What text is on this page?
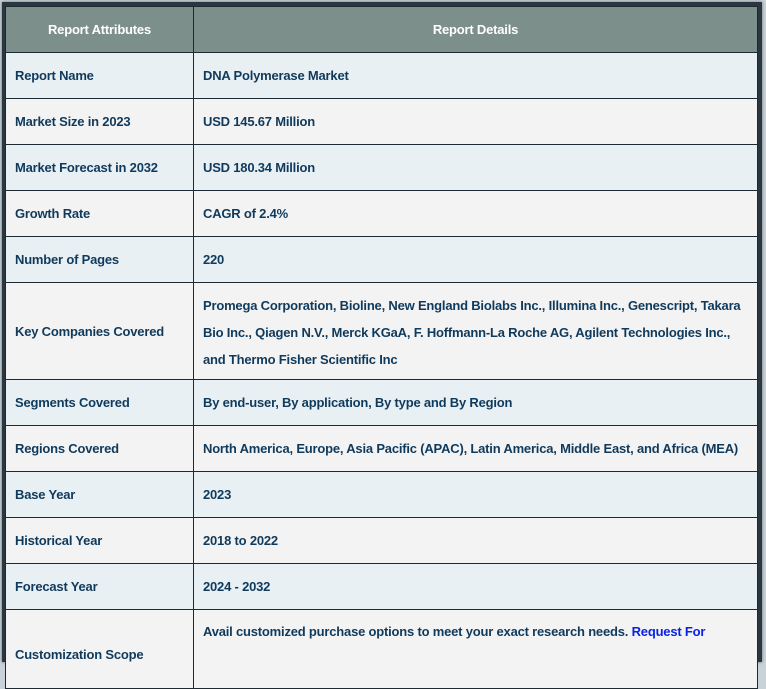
Report Attributes	Report Details
Report Name	DNA Polymerase Market
Market Size in 2023	USD 145.67 Million
Market Forecast in 2032	USD 180.34 Million
Growth Rate	CAGR of 2.4%
Number of Pages	220
Key Companies Covered	Promega Corporation, Bioline, New England Biolabs Inc., Illumina Inc., Genescript, Takara Bio Inc., Qiagen N.V., Merck KGaA, F. Hoffmann-La Roche AG, Agilent Technologies Inc., and Thermo Fisher Scientific Inc
Segments Covered	By end-user, By application, By type and By Region
Regions Covered	North America, Europe, Asia Pacific (APAC), Latin America, Middle East, and Africa (MEA)
Base Year	2023
Historical Year	2018 to 2022
Forecast Year	2024 - 2032
Customization Scope	Avail customized purchase options to meet your exact research needs. Request For
